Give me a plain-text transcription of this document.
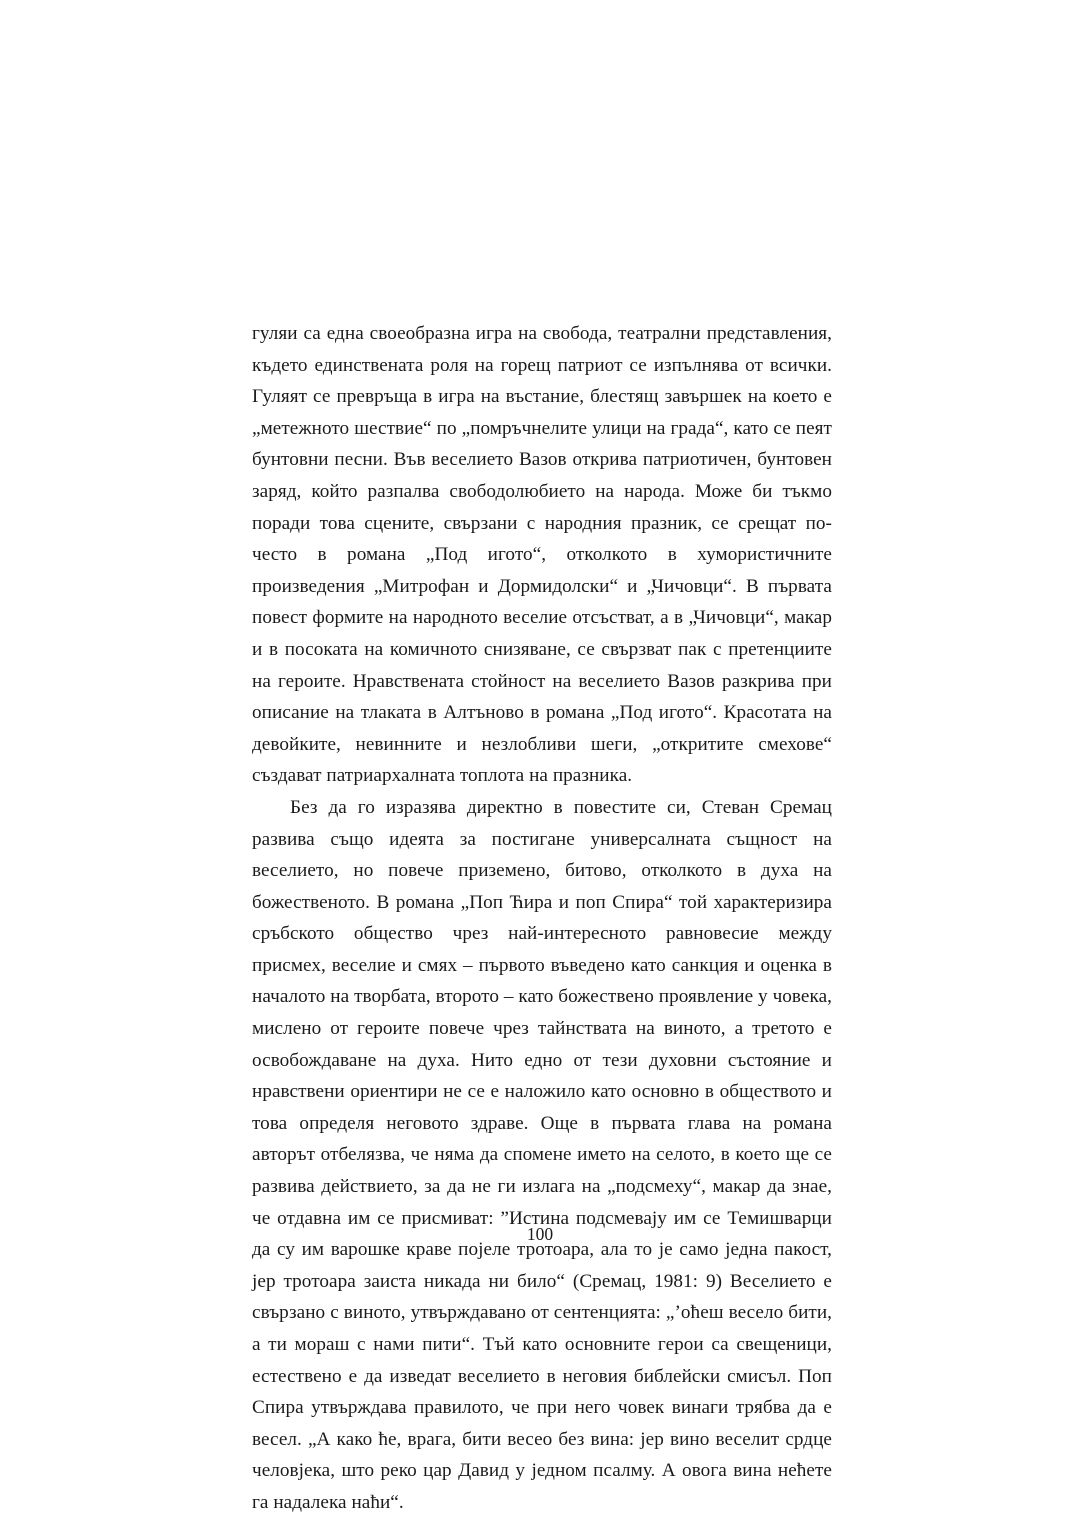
гуляи са една своеобразна игра на свобода, театрални представления, където единствената роля на горещ патриот се изпълнява от всички. Гуляят се превръща в игра на въстание, блестящ завършек на което е „метежното шествие“ по „помръчнелите улици на града“, като се пеят бунтовни песни. Във веселието Вазов открива патриотичен, бунтовен заряд, който разпалва свободолюбието на народа. Може би тъкмо поради това сцените, свързани с народния празник, се срещат по-често в романа „Под игото“, отколкото в хумористичните произведения „Митрофан и Дормидолски“ и „Чичовци“. В първата повест формите на народното веселие отсъстват, а в „Чичовци“, макар и в посоката на комичното снизяване, се свързват пак с претенциите на героите. Нравствената стойност на веселието Вазов разкрива при описание на тлаката в Алтъново в романа „Под игото“. Красотата на девойките, невинните и незлобливи шеги, „откритите смехове“ създават патриархалната топлота на празника.

Без да го изразява директно в повестите си, Стеван Сремац развива също идеята за постигане универсалната същност на веселието, но повече приземено, битово, отколкото в духа на божественото. В романа „Поп Ћира и поп Спира“ той характеризира сръбското общество чрез най-интересното равновесие между присмех, веселие и смях – първото въведено като санкция и оценка в началото на творбата, второто – като божествено проявление у човека, мислено от героите повече чрез тайнствата на виното, а третото е освобождаване на духа. Нито едно от тези духовни състояние и нравствени ориентири не се е наложило като основно в обществото и това определя неговото здраве. Още в първата глава на романа авторът отбелязва, че няма да спомене името на селото, в което ще се развива действието, за да не ги излага на „подсмеху“, макар да знае, че отдавна им се присмиват: ”Истина подсмевају им се Темишварци да су им варошке краве појеле тротоара, ала то је само једна пакост, јер тротоара заиста никада ни било“ (Сремац, 1981: 9) Веселието е свързано с виното, утвърждавано от сентенцията: „’оћеш весело бити, а ти мораш с нами пити“. Тъй като основните герои са свещеници, естествено е да изведат веселието в неговия библейски смисъл. Поп Спира утвърждава правилото, че при него човек винаги трябва да е весел. „А како ће, врага, бити весео без вина: јер вино веселит срдце человјека, што реко цар Давид у једном псалму. А овога вина нећете га надалека наћи“.

100
